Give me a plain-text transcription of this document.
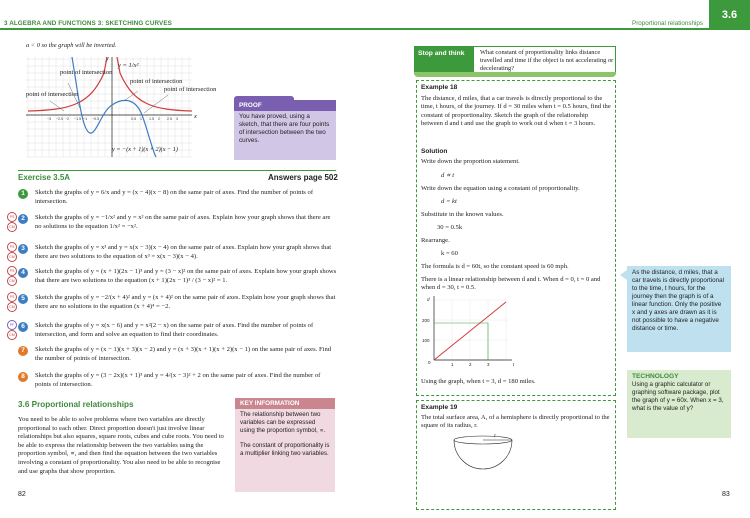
3 ALGEBRA AND FUNCTIONS 3: SKETCHING CURVES	Proportional relationships
3.6
a < 0 so the graph will be inverted.
point of intersection
point of intersection
point of intersection
point of intersection
y = 1/x²
x
y
−3 −2.5 −2 −1.5 −1 −0.5	0.5 1 1.5 2 2.5 3
y = −(x + 1)(x + 2)(x − 1)
PROOF
You have proved, using a sketch, that there are four points of intersection between the two curves.
Exercise 3.5A	Answers page 502
1	Sketch the graphs of y = 6/x and y = (x − 4)(x − 8) on the same pair of axes. Find the number of points of intersection.
2	Sketch the graphs of y = −1/x² and y = x² on the same pair of axes. Explain how your graph shows that there are no solutions to the equation 1/x² = −x².
PS
CM
3	Sketch the graphs of y = x³ and y = x(x − 3)(x − 4) on the same pair of axes. Explain how your graph shows that there are two solutions to the equation of x³ = x(x − 3)(x − 4).
PS
CM
4	Sketch the graphs of y = (x + 1)(2x − 1)³ and y = (3 − x)² on the same pair of axes. Explain how your graph shows that there are two solutions to the equation (x + 1)(2x − 1)³ / (3 − x)² = 1.
PS
CM
5	Sketch the graphs of y = −2/(x + 4)² and y = (x + 4)² on the same pair of axes. Explain how your graph shows that there are no solutions to the equation (x + 4)⁴ = −2.
PS
CM
6	Sketch the graphs of y = x(x − 6) and y = x²(2 − x) on the same pair of axes. Find the number of points of intersection, and form and solve an equation to find their coordinates.
PF
CM
7	Sketch the graphs of y = (x − 1)(x + 3)(x − 2) and y = (x + 3)(x + 1)(x + 2)(x − 1) on the same pair of axes. Find the number of points of intersection.
8	Sketch the graphs of y = (3 − 2x)(x + 1)³ and y = 4/(x − 3)² + 2 on the same pair of axes. Find the number of points of intersection.
3.6 Proportional relationships
You need to be able to solve problems where two variables are directly proportional to each other. Direct proportion doesn't just involve linear relationships but also squares, square roots, cubes and cube roots. You need to be able to express the relationship between the two variables using the proportion symbol, ∝, and then find the equation between the two variables involving a constant of proportionality. You also need to be able to recognise and use graphs that show proportion.
KEY INFORMATION
The relationship between two variables can be expressed using the proportion symbol, ∝.
The constant of proportionality is a multiplier linking two variables.
82
Stop and think	What constant of proportionality links distance travelled and time if the object is not accelerating or decelerating?
Example 18
The distance, d miles, that a car travels is directly proportional to the time, t hours, of the journey. If d = 30 miles when t = 0.5 hours, find the constant of proportionality. Sketch the graph of the relationship between d and t and use the graph to work out d when t = 3 hours.
Solution
Write down the proportion statement.
d ∝ t
Write down the equation using a constant of proportionality.
d = kt
Substitute in the known values.
30 = 0.5k
Rearrange.
k = 60
The formula is d = 60t, so the constant speed is 60 mph.
There is a linear relationship between d and t. When d = 0, t = 0 and when d = 30, t = 0.5.
d
t
200
100
0	1	2	3
Using the graph, when t = 3, d = 180 miles.
Example 19
The total surface area, A, of a hemisphere is directly proportional to the square of its radius, r.
r
As the distance, d miles, that a car travels is directly proportional to the time, t hours, for the journey then the graph is of a linear function. Only the positive x and y axes are drawn as it is not possible to have a negative distance or time.
TECHNOLOGY
Using a graphic calculator or graphing software package, plot the graph of y = 60x. When x = 3, what is the value of y?
83
